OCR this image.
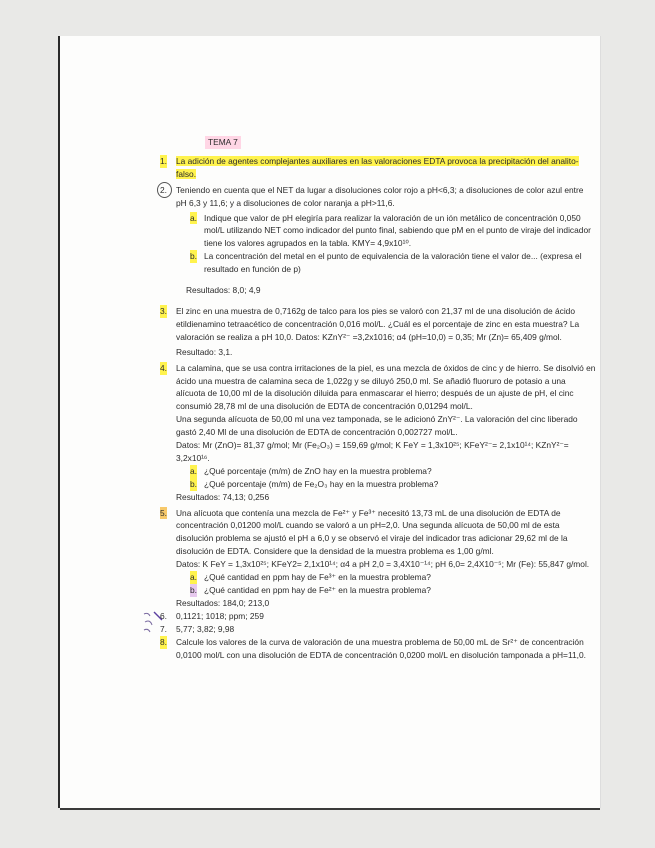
TEMA 7
1. La adición de agentes complejantes auxiliares en las valoraciones EDTA provoca la precipitación del analito- falso.
2. Teniendo en cuenta que el NET da lugar a disoluciones color rojo a pH<6,3; a disoluciones de color azul entre pH 6,3 y 11,6; y a disoluciones de color naranja a pH>11,6.
a. Indique que valor de pH elegiría para realizar la valoración de un ión metálico de concentración 0,050 mol/L utilizando NET como indicador del punto final, sabiendo que pM en el punto de viraje del indicador tiene los valores agrupados en la tabla. KMY= 4,9x10¹⁰.
b. La concentración del metal en el punto de equivalencia de la valoración tiene el valor de... (expresa el resultado en función de p)
Resultados: 8,0; 4,9
3. El zinc en una muestra de 0,7162g de talco para los pies se valoró con 21,37 ml de una disolución de ácido etildienamino tetraacético de concentración 0,016 mol/L. ¿Cuál es el porcentaje de zinc en esta muestra? La valoración se realiza a pH 10,0. Datos: KZnY²⁻ =3,2x1016; α4 (pH=10,0) = 0,35; Mr (Zn)= 65,409 g/mol.
Resultado: 3,1.
4. La calamina, que se usa contra irritaciones de la piel, es una mezcla de óxidos de cinc y de hierro. Se disolvió en ácido una muestra de calamina seca de 1,022g y se diluyó 250,0 ml. Se añadió fluoruro de potasio a una alícuota de 10,00 ml de la disolución diluida para enmascarar el hierro; después de un ajuste de pH, el cinc consumió 28,78 ml de una disolución de EDTA de concentración 0,01294 mol/L.
Una segunda alícuota de 50,00 ml una vez tamponada, se le adicionó ZnY²⁻. La valoración del cinc liberado gastó 2,40 Ml de una disolución de EDTA de concentración 0,002727 mol/L.
Datos: Mr (ZnO)= 81,37 g/mol; Mr (Fe₂O₃) = 159,69 g/mol; K FeY = 1,3x10²⁵; KFeY²⁻= 2,1x10¹⁴; KZnY²⁻= 3,2x10¹⁶.
a. ¿Qué porcentaje (m/m) de ZnO hay en la muestra problema?
b. ¿Qué porcentaje (m/m) de Fe₂O₃ hay en la muestra problema?
Resultados: 74,13; 0,256
5. Una alícuota que contenía una mezcla de Fe²⁺ y Fe³⁺ necesitó 13,73 mL de una disolución de EDTA de concentración 0,01200 mol/L cuando se valoró a un pH=2,0. Una segunda alícuota de 50,00 ml de esta disolución problema se ajustó el pH a 6,0 y se observó el viraje del indicador tras adicionar 29,62 ml de la disolución de EDTA. Considere que la densidad de la muestra problema es 1,00 g/ml.
Datos: K FeY = 1,3x10²⁵; KFeY2= 2,1x10¹⁴; α4 a pH 2,0 = 3,4X10⁻¹⁴; pH 6,0= 2,4X10⁻⁵; Mr (Fe): 55,847 g/mol.
a. ¿Qué cantidad en ppm hay de Fe³⁺ en la muestra problema?
b. ¿Qué cantidad en ppm hay de Fe²⁺ en la muestra problema?
Resultados: 184,0; 213,0
6. 0,1121; 1018; ppm; 259
7. 5,77; 3,82; 9,98
8. Calcule los valores de la curva de valoración de una muestra problema de 50,00 mL de Sr²⁺ de concentración 0,0100 mol/L con una disolución de EDTA de concentración 0,0200 mol/L en disolución tamponada a pH=11,0.
